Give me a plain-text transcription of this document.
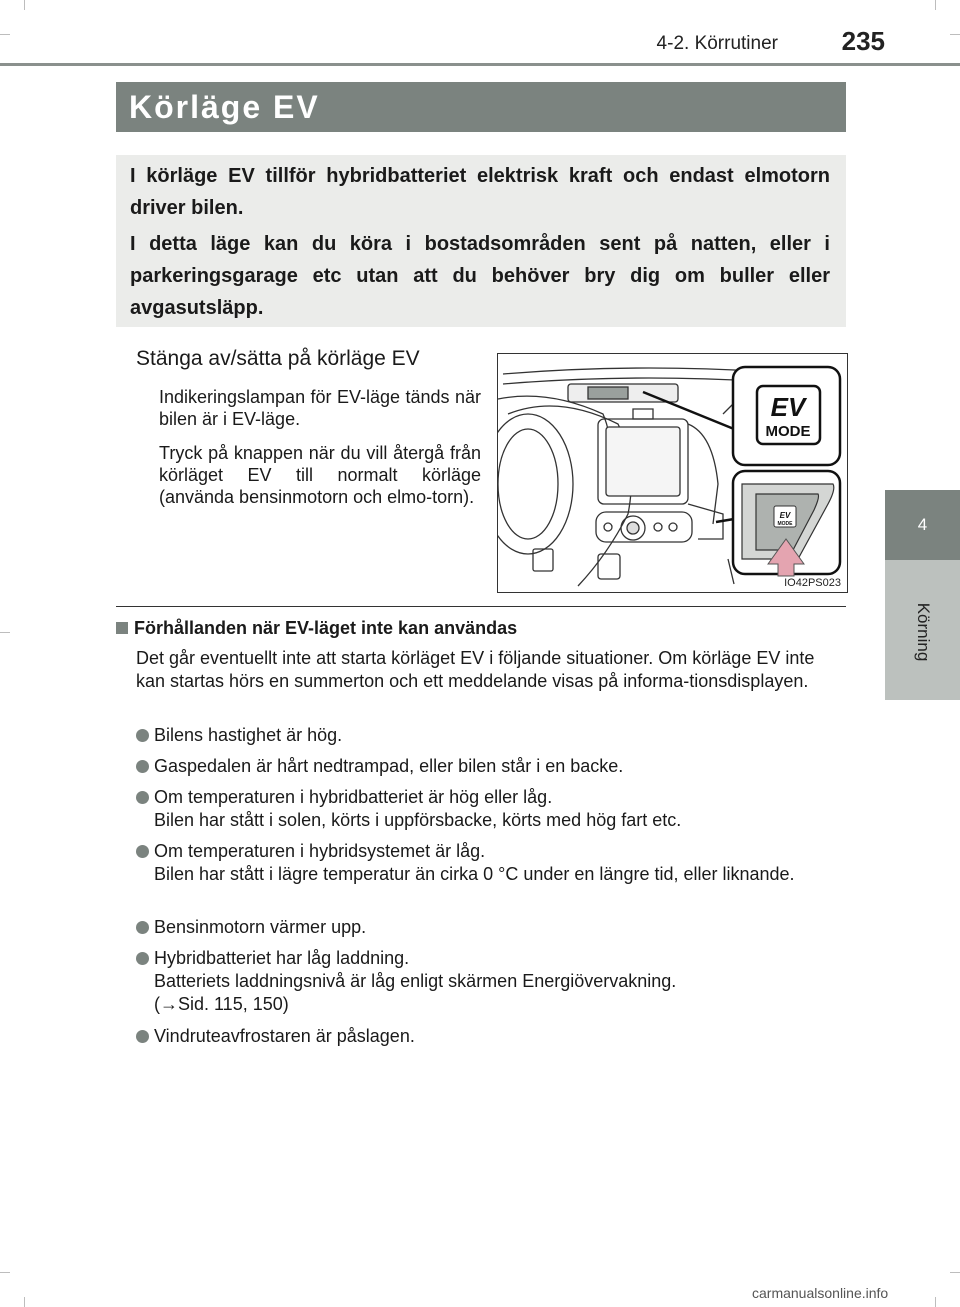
4-2. Körrutiner	235
4
Körning
Körläge EV

I körläge EV tillför hybridbatteriet elektrisk kraft och endast elmotorn driver bilen.

I detta läge kan du köra i bostadsområden sent på natten, eller i parkeringsgarage etc utan att du behöver bry dig om buller eller avgasutsläpp.

Stänga av/sätta på körläge EV
Indikeringslampan för EV-läge tänds när bilen är i EV-läge.
Tryck på knappen när du vill återgå från körläget EV till normalt körläge (använda bensinmotorn och elmo-torn).
EV
MODE
EV
MODE
IO42PS023
Förhållanden när EV-läget inte kan användas
Det går eventuellt inte att starta körläget EV i följande situationer. Om körläge EV inte kan startas hörs en summerton och ett meddelande visas på informa-tionsdisplayen.
Bilens hastighet är hög.
Gaspedalen är hårt nedtrampad, eller bilen står i en backe.
Om temperaturen i hybridbatteriet är hög eller låg.
Bilen har stått i solen, körts i uppförsbacke, körts med hög fart etc.
Om temperaturen i hybridsystemet är låg.
Bilen har stått i lägre temperatur än cirka 0 °C under en längre tid, eller liknande.
Bensinmotorn värmer upp.
Hybridbatteriet har låg laddning.
Batteriets laddningsnivå är låg enligt skärmen Energiövervakning.
(→Sid. 115, 150)
Vindruteavfrostaren är påslagen.
carmanualsonline.info
